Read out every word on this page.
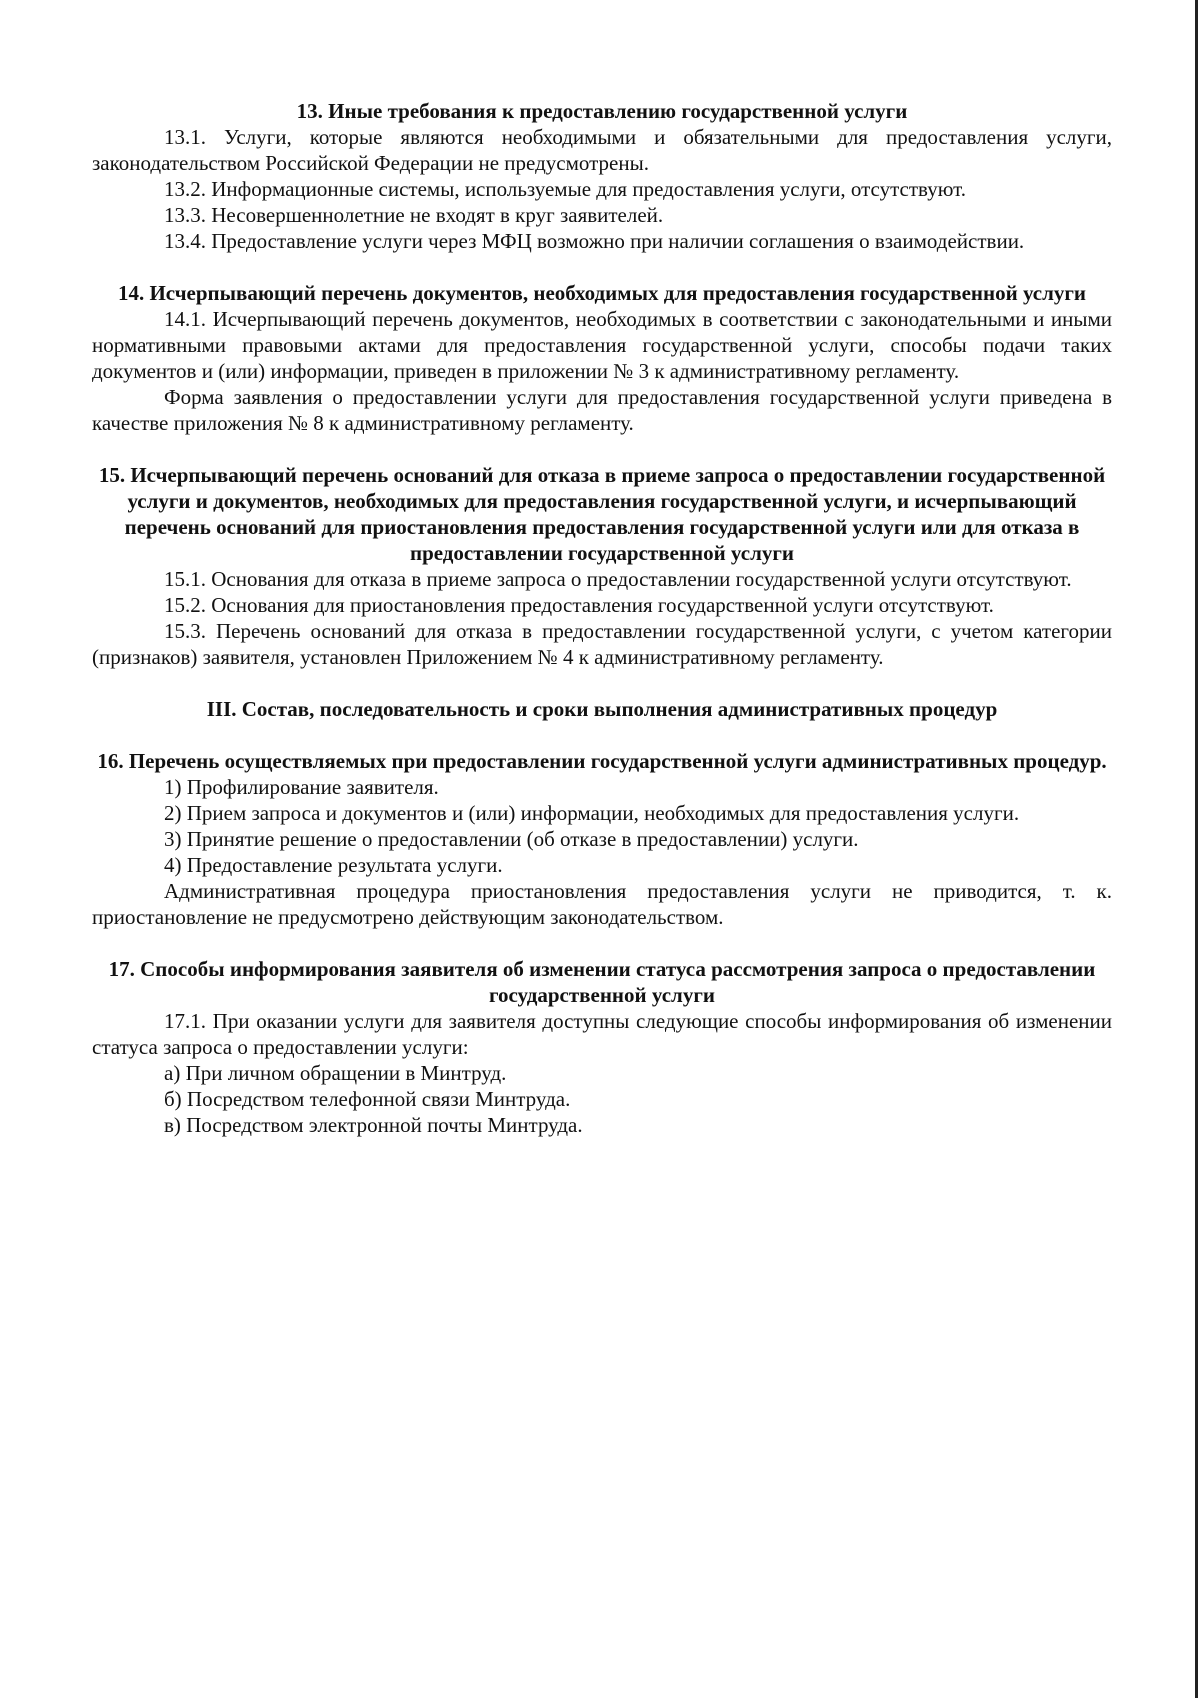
13. Иные требования к предоставлению государственной услуги

13.1. Услуги, которые являются необходимыми и обязательными для предоставления услуги, законодательством Российской Федерации не предусмотрены.

13.2. Информационные системы, используемые для предоставления услуги, отсутствуют.

13.3. Несовершеннолетние не входят в круг заявителей.

13.4. Предоставление услуги через МФЦ возможно при наличии соглашения о взаимодействии.

14. Исчерпывающий перечень документов, необходимых для предоставления государственной услуги

14.1. Исчерпывающий перечень документов, необходимых в соответствии с законодательными и иными нормативными правовыми актами для предоставления государственной услуги, способы подачи таких документов и (или) информации, приведен в приложении № 3 к административному регламенту.

Форма заявления о предоставлении услуги для предоставления государственной услуги приведена в качестве приложения № 8 к административному регламенту.

15. Исчерпывающий перечень оснований для отказа в приеме запроса о предоставлении государственной услуги и документов, необходимых для предоставления государственной услуги, и исчерпывающий перечень оснований для приостановления предоставления государственной услуги или для отказа в предоставлении государственной услуги

15.1. Основания для отказа в приеме запроса о предоставлении государственной услуги отсутствуют.

15.2. Основания для приостановления предоставления государственной услуги отсутствуют.

15.3. Перечень оснований для отказа в предоставлении государственной услуги, с учетом категории (признаков) заявителя, установлен Приложением № 4 к административному регламенту.

III. Состав, последовательность и сроки выполнения административных процедур

16. Перечень осуществляемых при предоставлении государственной услуги административных процедур.

1) Профилирование заявителя.

2) Прием запроса и документов и (или) информации, необходимых для предоставления услуги.

3) Принятие решение о предоставлении (об отказе в предоставлении) услуги.

4) Предоставление результата услуги.

Административная процедура приостановления предоставления услуги не приводится, т. к. приостановление не предусмотрено действующим законодательством.

17. Способы информирования заявителя об изменении статуса рассмотрения запроса о предоставлении государственной услуги

17.1. При оказании услуги для заявителя доступны следующие способы информирования об изменении статуса запроса о предоставлении услуги:

а) При личном обращении в Минтруд.

б) Посредством телефонной связи Минтруда.

в) Посредством электронной почты Минтруда.
